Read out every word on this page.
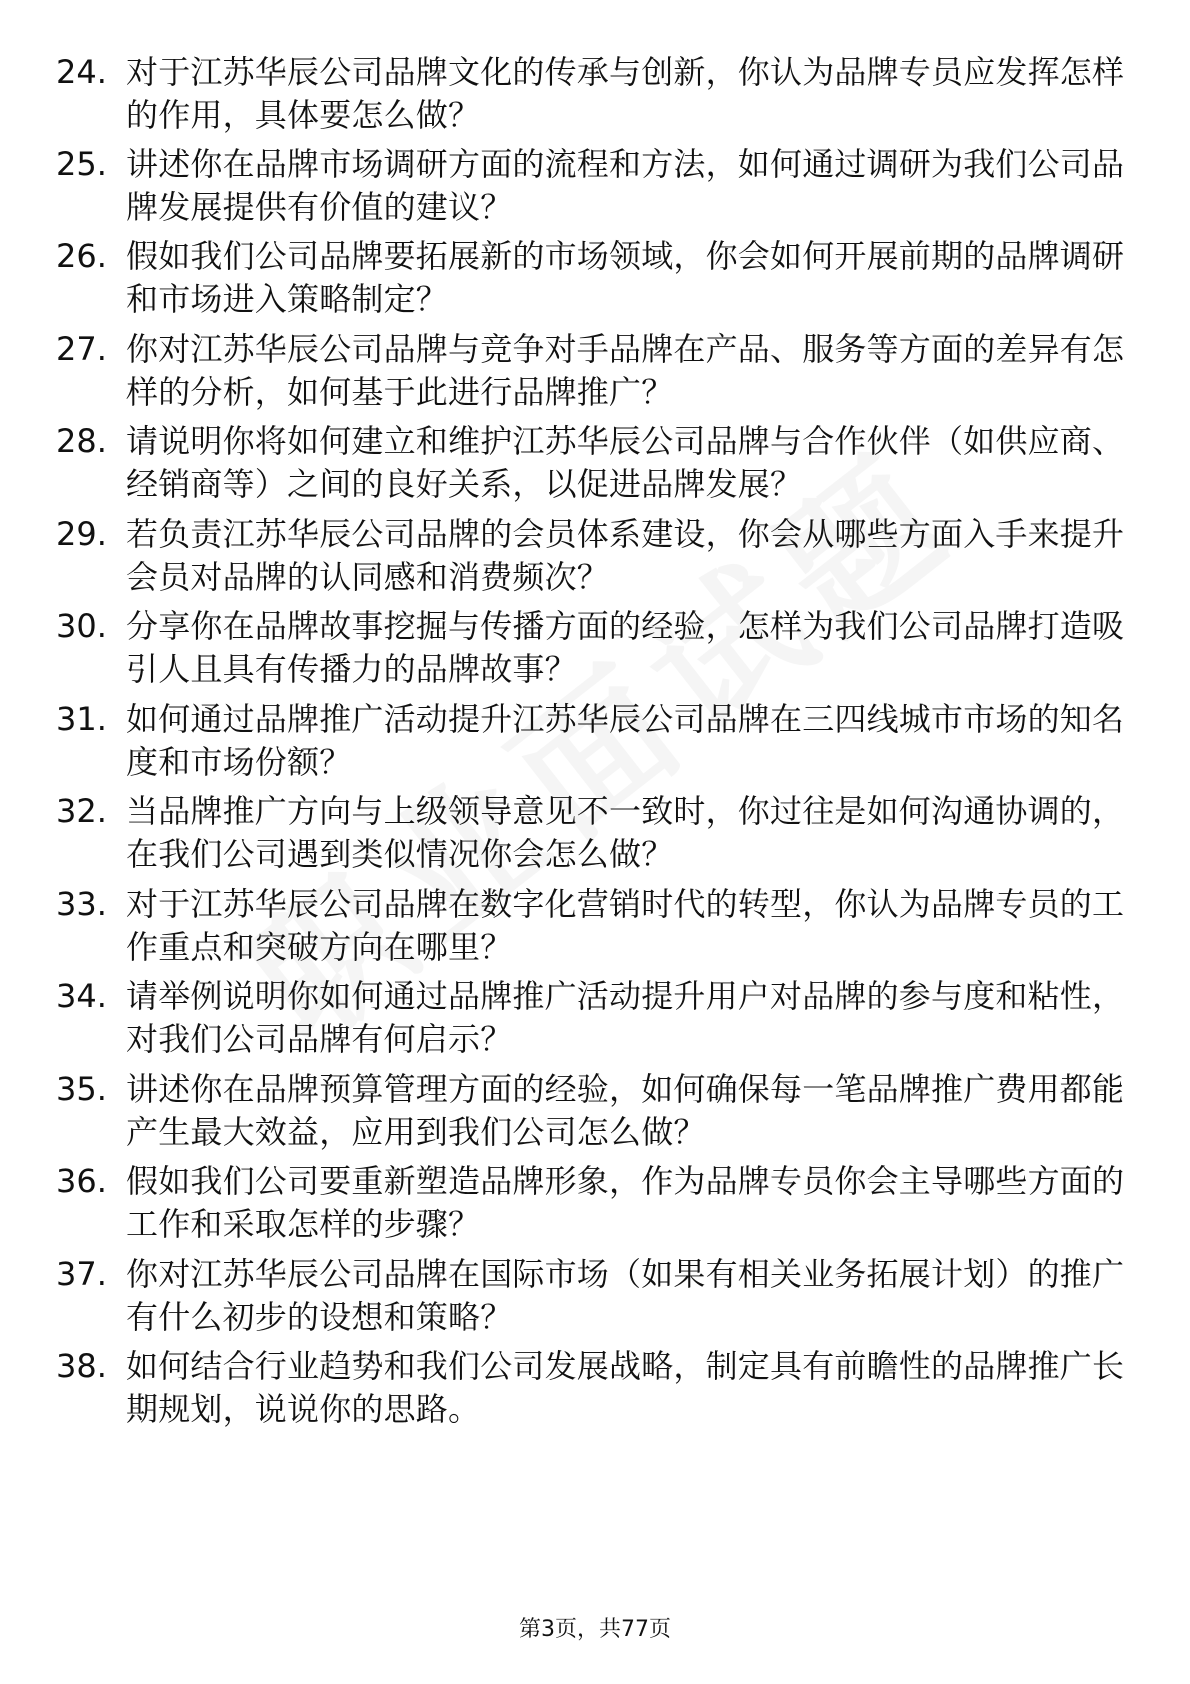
24. 对于江苏华辰公司品牌文化的传承与创新，你认为品牌专员应发挥怎样的作用，具体要怎么做？
25. 讲述你在品牌市场调研方面的流程和方法，如何通过调研为我们公司品牌发展提供有价值的建议？
26. 假如我们公司品牌要拓展新的市场领域，你会如何开展前期的品牌调研和市场进入策略制定？
27. 你对江苏华辰公司品牌与竞争对手品牌在产品、服务等方面的差异有怎样的分析，如何基于此进行品牌推广？
28. 请说明你将如何建立和维护江苏华辰公司品牌与合作伙伴（如供应商、经销商等）之间的良好关系，以促进品牌发展？
29. 若负责江苏华辰公司品牌的会员体系建设，你会从哪些方面入手来提升会员对品牌的认同感和消费频次？
30. 分享你在品牌故事挖掘与传播方面的经验，怎样为我们公司品牌打造吸引人且具有传播力的品牌故事？
31. 如何通过品牌推广活动提升江苏华辰公司品牌在三四线城市市场的知名度和市场份额？
32. 当品牌推广方向与上级领导意见不一致时，你过往是如何沟通协调的，在我们公司遇到类似情况你会怎么做？
33. 对于江苏华辰公司品牌在数字化营销时代的转型，你认为品牌专员的工作重点和突破方向在哪里？
34. 请举例说明你如何通过品牌推广活动提升用户对品牌的参与度和粘性，对我们公司品牌有何启示？
35. 讲述你在品牌预算管理方面的经验，如何确保每一笔品牌推广费用都能产生最大效益，应用到我们公司怎么做？
36. 假如我们公司要重新塑造品牌形象，作为品牌专员你会主导哪些方面的工作和采取怎样的步骤？
37. 你对江苏华辰公司品牌在国际市场（如果有相关业务拓展计划）的推广有什么初步的设想和策略？
38. 如何结合行业趋势和我们公司发展战略，制定具有前瞻性的品牌推广长期规划，说说你的思路。
第3页，共77页
